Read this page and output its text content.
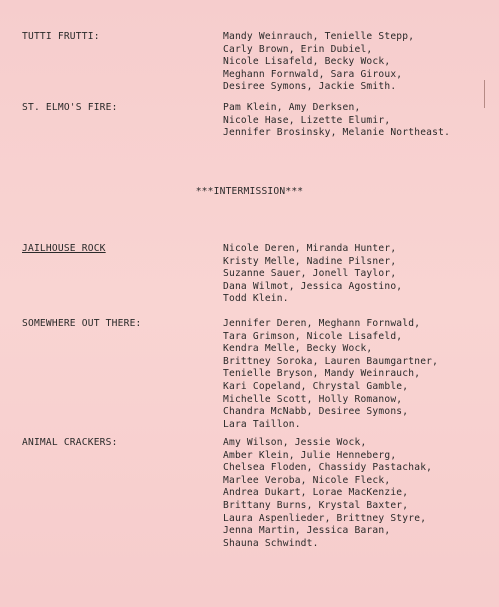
TUTTI FRUTTI:	Mandy Weinrauch, Tenielle Stepp,
Carly Brown, Erin Dubiel,
Nicole Lisafeld, Becky Wock,
Meghann Fornwald, Sara Giroux,
Desiree Symons, Jackie Smith.
ST. ELMO'S FIRE:	Pam Klein, Amy Derksen,
Nicole Hase, Lizette Elumir,
Jennifer Brosinsky, Melanie Northeast.
***INTERMISSION***
JAILHOUSE ROCK	Nicole Deren, Miranda Hunter,
Kristy Melle, Nadine Pilsner,
Suzanne Sauer, Jonell Taylor,
Dana Wilmot, Jessica Agostino,
Todd Klein.
SOMEWHERE OUT THERE:	Jennifer Deren, Meghann Fornwald,
Tara Grimson, Nicole Lisafeld,
Kendra Melle, Becky Wock,
Brittney Soroka, Lauren Baumgartner,
Tenielle Bryson, Mandy Weinrauch,
Kari Copeland, Chrystal Gamble,
Michelle Scott, Holly Romanow,
Chandra McNabb, Desiree Symons,
Lara Taillon.
ANIMAL CRACKERS:	Amy Wilson, Jessie Wock,
Amber Klein, Julie Henneberg,
Chelsea Floden, Chassidy Pastachak,
Marlee Veroba, Nicole Fleck,
Andrea Dukart, Lorae MacKenzie,
Brittany Burns, Krystal Baxter,
Laura Aspenlieder, Brittney Styre,
Jenna Martin, Jessica Baran,
Shauna Schwindt.
